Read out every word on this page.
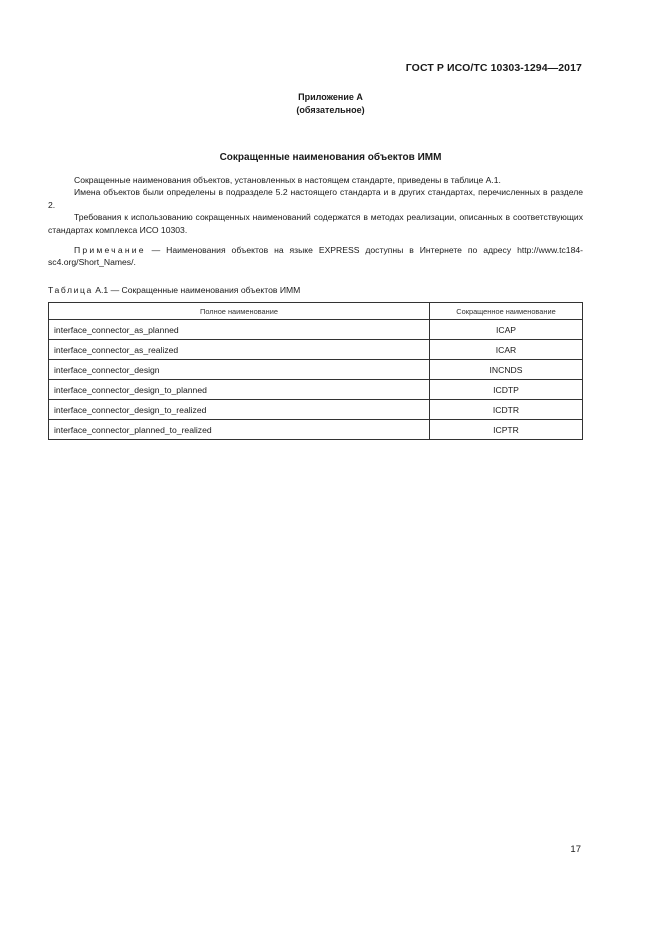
ГОСТ Р ИСО/ТС 10303-1294—2017
Приложение А
(обязательное)
Сокращенные наименования объектов ИММ

Сокращенные наименования объектов, установленных в настоящем стандарте, приведены в таблице А.1.

Имена объектов были определены в подразделе 5.2 настоящего стандарта и в других стандартах, перечисленных в разделе 2.

Требования к использованию сокращенных наименований содержатся в методах реализации, описанных в соответствующих стандартах комплекса ИСО 10303.

Примечание — Наименования объектов на языке EXPRESS доступны в Интернете по адресу http://www.tc184-sc4.org/Short_Names/.

Таблица А.1 — Сокращенные наименования объектов ИММ
Полное наименование	Сокращенное наименование
interface_connector_as_planned	ICAP
interface_connector_as_realized	ICAR
interface_connector_design	INCNDS
interface_connector_design_to_planned	ICDTP
interface_connector_design_to_realized	ICDTR
interface_connector_planned_to_realized	ICPTR
17
